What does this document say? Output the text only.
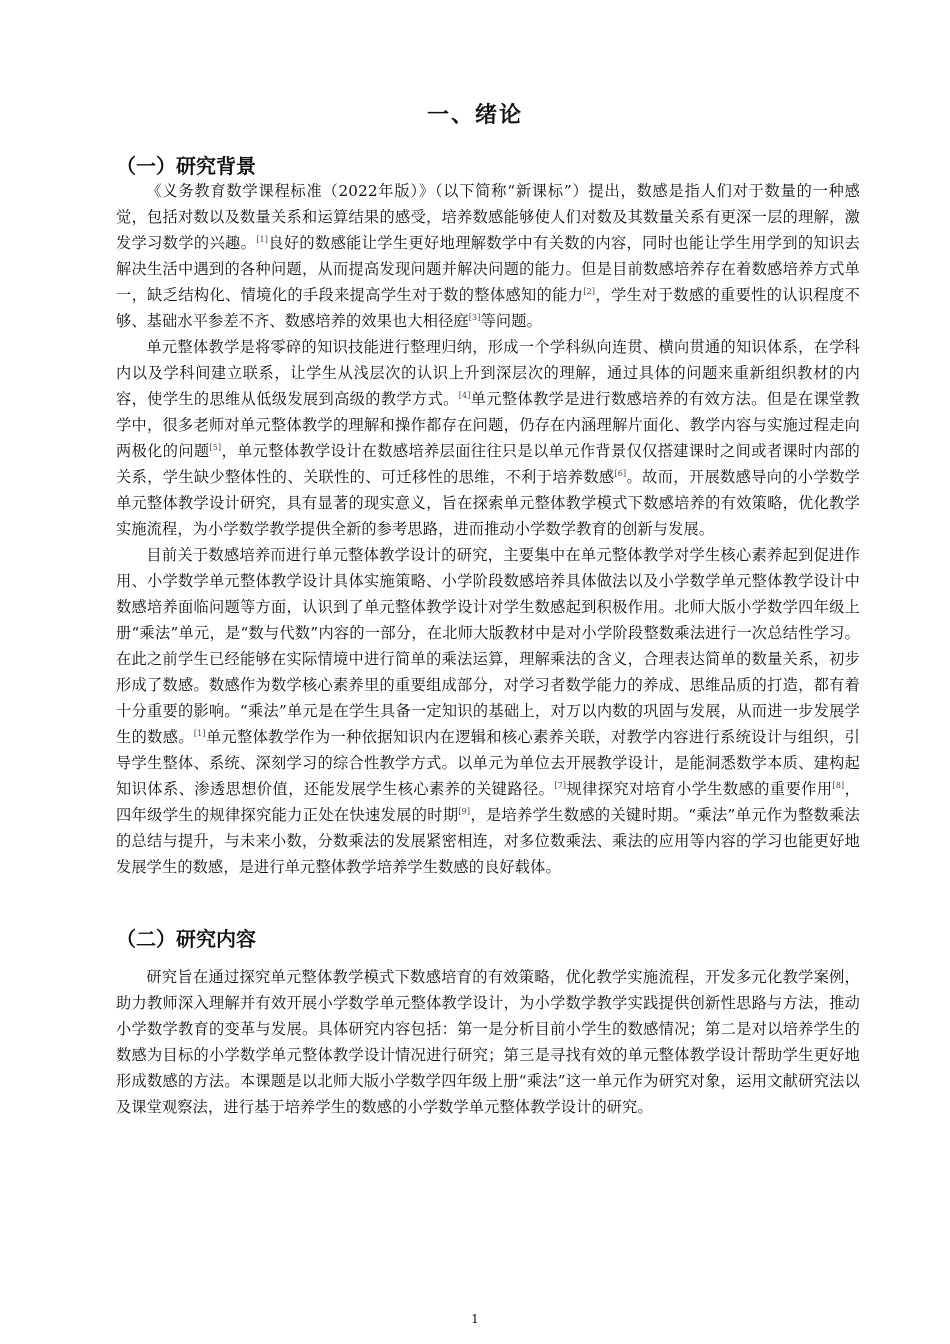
一、绪论
（一）研究背景

《义务教育数学课程标准（2022年版）》（以下简称“新课标”）提出，数感是指人们对于数量的一种感觉，包括对数以及数量关系和运算结果的感受，培养数感能够使人们对数及其数量关系有更深一层的理解，激发学习数学的兴趣。[1]良好的数感能让学生更好地理解数学中有关数的内容，同时也能让学生用学到的知识去解决生活中遇到的各种问题，从而提高发现问题并解决问题的能力。但是目前数感培养存在着数感培养方式单一，缺乏结构化、情境化的手段来提高学生对于数的整体感知的能力[2]，学生对于数感的重要性的认识程度不够、基础水平参差不齐、数感培养的效果也大相径庭[3]等问题。

单元整体教学是将零碎的知识技能进行整理归纳，形成一个学科纵向连贯、横向贯通的知识体系，在学科内以及学科间建立联系，让学生从浅层次的认识上升到深层次的理解，通过具体的问题来重新组织教材的内容，使学生的思维从低级发展到高级的教学方式。[4]单元整体教学是进行数感培养的有效方法。但是在课堂教学中，很多老师对单元整体教学的理解和操作都存在问题，仍存在内涵理解片面化、教学内容与实施过程走向两极化的问题[5]，单元整体教学设计在数感培养层面往往只是以单元作背景仅仅搭建课时之间或者课时内部的关系，学生缺少整体性的、关联性的、可迁移性的思维，不利于培养数感[6]。故而，开展数感导向的小学数学单元整体教学设计研究，具有显著的现实意义，旨在探索单元整体教学模式下数感培养的有效策略，优化教学实施流程，为小学数学教学提供全新的参考思路，进而推动小学数学教育的创新与发展。

目前关于数感培养而进行单元整体教学设计的研究，主要集中在单元整体教学对学生核心素养起到促进作用、小学数学单元整体教学设计具体实施策略、小学阶段数感培养具体做法以及小学数学单元整体教学设计中数感培养面临问题等方面，认识到了单元整体教学设计对学生数感起到积极作用。北师大版小学数学四年级上册“乘法”单元，是“数与代数”内容的一部分，在北师大版教材中是对小学阶段整数乘法进行一次总结性学习。在此之前学生已经能够在实际情境中进行简单的乘法运算，理解乘法的含义，合理表达简单的数量关系，初步形成了数感。数感作为数学核心素养里的重要组成部分，对学习者数学能力的养成、思维品质的打造，都有着十分重要的影响。“乘法”单元是在学生具备一定知识的基础上，对万以内数的巩固与发展，从而进一步发展学生的数感。[1]单元整体教学作为一种依据知识内在逻辑和核心素养关联，对教学内容进行系统设计与组织，引导学生整体、系统、深刻学习的综合性教学方式。以单元为单位去开展教学设计，是能洞悉数学本质、建构起知识体系、渗透思想价值，还能发展学生核心素养的关键路径。[7]规律探究对培育小学生数感的重要作用[8]，四年级学生的规律探究能力正处在快速发展的时期[9]，是培养学生数感的关键时期。“乘法”单元作为整数乘法的总结与提升，与未来小数，分数乘法的发展紧密相连，对多位数乘法、乘法的应用等内容的学习也能更好地发展学生的数感，是进行单元整体教学培养学生数感的良好载体。

（二）研究内容

研究旨在通过探究单元整体教学模式下数感培育的有效策略，优化教学实施流程，开发多元化教学案例，助力教师深入理解并有效开展小学数学单元整体教学设计，为小学数学教学实践提供创新性思路与方法，推动小学数学教育的变革与发展。具体研究内容包括：第一是分析目前小学生的数感情况；第二是对以培养学生的数感为目标的小学数学单元整体教学设计情况进行研究；第三是寻找有效的单元整体教学设计帮助学生更好地形成数感的方法。本课题是以北师大版小学数学四年级上册“乘法”这一单元作为研究对象，运用文献研究法以及课堂观察法，进行基于培养学生的数感的小学数学单元整体教学设计的研究。

1
